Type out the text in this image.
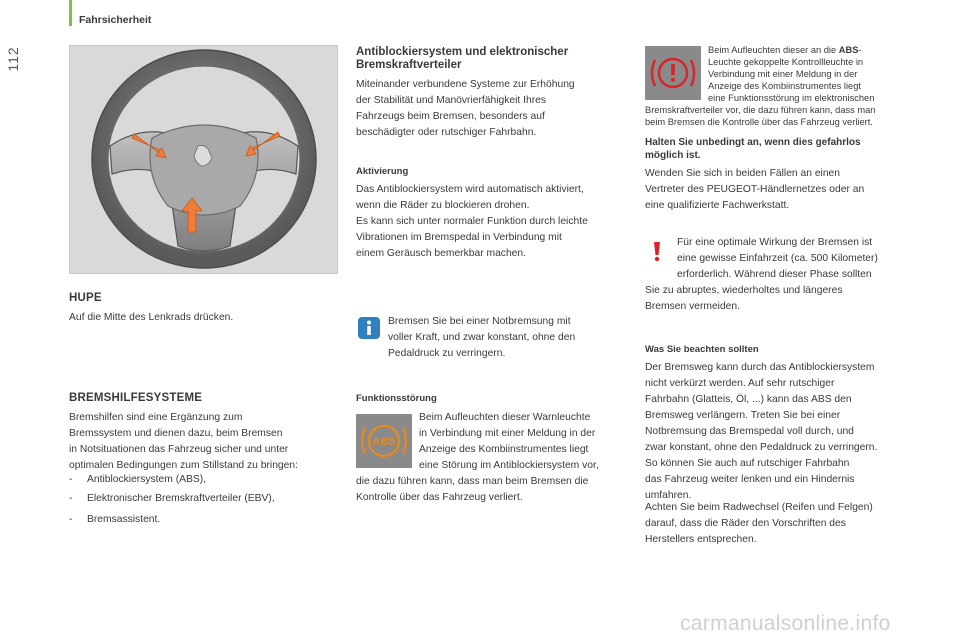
Fahrsicherheit
112
HUPE
Auf die Mitte des Lenkrads drücken.
BREMSHILFESYSTEME
Bremshilfen sind eine Ergänzung zum
Bremssystem und dienen dazu, beim Bremsen
in Notsituationen das Fahrzeug sicher und unter
optimalen Bedingungen zum Stillstand zu bringen:
- Antiblockiersystem (ABS),
- Elektronischer Bremskraftverteiler (EBV),
- Bremsassistent.
Antiblockiersystem und elektronischer
Bremskraftverteiler
Miteinander verbundene Systeme zur Erhöhung
der Stabilität und Manövrierfähigkeit Ihres
Fahrzeugs beim Bremsen, besonders auf
beschädigter oder rutschiger Fahrbahn.
Aktivierung
Das Antiblockiersystem wird automatisch aktiviert,
wenn die Räder zu blockieren drohen.
Es kann sich unter normaler Funktion durch leichte
Vibrationen im Bremspedal in Verbindung mit
einem Geräusch bemerkbar machen.
Bremsen Sie bei einer Notbremsung mit
voller Kraft, und zwar konstant, ohne den
Pedaldruck zu verringern.
Funktionsstörung
ABS
Beim Aufleuchten dieser Warnleuchte
in Verbindung mit einer Meldung in der
Anzeige des Kombiinstrumentes liegt
eine Störung im Antiblockiersystem vor,
die dazu führen kann, dass man beim Bremsen die
Kontrolle über das Fahrzeug verliert.
Beim Aufleuchten dieser an die ABS-
Leuchte gekoppelte Kontrollleuchte in
Verbindung mit einer Meldung in der
Anzeige des Kombiinstrumentes liegt
eine Funktionsstörung im elektronischen
Bremskraftverteiler vor, die dazu führen kann, dass man
beim Bremsen die Kontrolle über das Fahrzeug verliert.
Halten Sie unbedingt an, wenn dies gefahrlos
möglich ist.
Wenden Sie sich in beiden Fällen an einen
Vertreter des PEUGEOT-Händlernetzes oder an
eine qualifizierte Fachwerkstatt.
Für eine optimale Wirkung der Bremsen ist
eine gewisse Einfahrzeit (ca. 500 Kilometer)
erforderlich. Während dieser Phase sollten
Sie zu abruptes, wiederholtes und längeres
Bremsen vermeiden.
Was Sie beachten sollten
Der Bremsweg kann durch das Antiblockiersystem
nicht verkürzt werden. Auf sehr rutschiger
Fahrbahn (Glatteis, Öl, ...) kann das ABS den
Bremsweg verlängern. Treten Sie bei einer
Notbremsung das Bremspedal voll durch, und
zwar konstant, ohne den Pedaldruck zu verringern.
So können Sie auch auf rutschiger Fahrbahn
das Fahrzeug weiter lenken und ein Hindernis
umfahren.
Achten Sie beim Radwechsel (Reifen und Felgen)
darauf, dass die Räder den Vorschriften des
Herstellers entsprechen.
carmanualsonline.info
